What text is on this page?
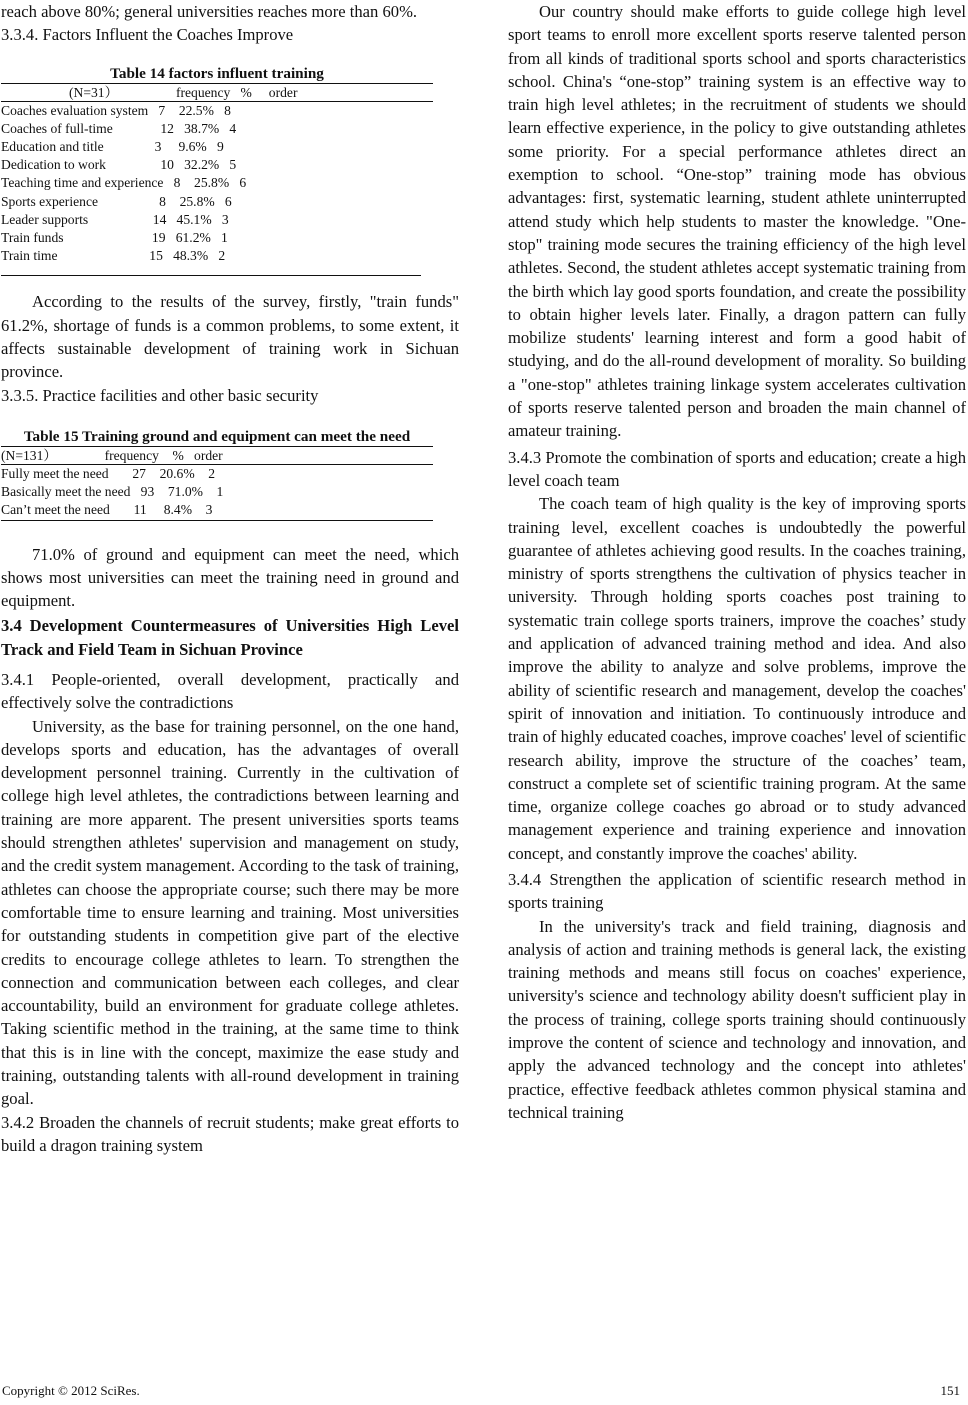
reach above 80%; general universities reaches more than 60%.

3.3.4. Factors Influent the Coaches Improve

Table 14 factors influent training
(N=31）                 frequency   %     order
Coaches evaluation system   7    22.5%   8
Coaches of full-time              12   38.7%   4
Education and title               3     9.6%   9
Dedication to work                10   32.2%   5
Teaching time and experience   8    25.8%   6
Sports experience                  8    25.8%   6
Leader supports                   14   45.1%   3
Train funds                          19   61.2%   1
Train time                           15   48.3%   2

According to the results of the survey, firstly, "train funds" 61.2%, shortage of funds is a common problems, to some extent, it affects sustainable development of training work in Sichuan province.

3.3.5. Practice facilities and other basic security

Table 15 Training ground and equipment can meet the need
(N=131）              frequency    %   order
Fully meet the need       27    20.6%    2
Basically meet the need   93    71.0%    1
Can’t meet the need       11     8.4%    3

71.0% of ground and equipment can meet the need, which shows most universities can meet the training need in ground and equipment.

3.4 Development Countermeasures of Universities High Level Track and Field Team in Sichuan Province

3.4.1 People-oriented, overall development, practically and effectively solve the contradictions

University, as the base for training personnel, on the one hand, develops sports and education, has the advantages of overall development personnel training. Currently in the cultivation of college high level athletes, the contradictions between learning and training are more apparent. The present universities sports teams should strengthen athletes' supervision and management on study, and the credit system management. According to the task of training, athletes can choose the appropriate course; such there may be more comfortable time to ensure learning and training. Most universities for outstanding students in competition give part of the elective credits to encourage college athletes to learn. To strengthen the connection and communication between each colleges, and clear accountability, build an environment for graduate college athletes. Taking scientific method in the training, at the same time to think that this is in line with the concept, maximize the ease study and training, outstanding talents with all-round development in training goal.

3.4.2 Broaden the channels of recruit students; make great efforts to build a dragon training system

Our country should make efforts to guide college high level sport teams to enroll more excellent sports reserve talented person from all kinds of traditional sports school and sports characteristics school. China's “one-stop” training system is an effective way to train high level athletes; in the recruitment of students we should learn effective experience, in the policy to give outstanding athletes some priority. For a special performance athletes direct an exemption to school. “One-stop” training mode has obvious advantages: first, systematic learning, student athlete uninterrupted attend study which help students to master the knowledge. "One-stop" training mode secures the training efficiency of the high level athletes. Second, the student athletes accept systematic training from the birth which lay good sports foundation, and create the possibility to obtain higher levels later. Finally, a dragon pattern can fully mobilize students' learning interest and form a good habit of studying, and do the all-round development of morality. So building a "one-stop" athletes training linkage system accelerates cultivation of sports reserve talented person and broaden the main channel of amateur training.

3.4.3 Promote the combination of sports and education; create a high level coach team

The coach team of high quality is the key of improving sports training level, excellent coaches is undoubtedly the powerful guarantee of athletes achieving good results. In the coaches training, ministry of sports strengthens the cultivation of physics teacher in university. Through holding sports coaches post training to systematic train college sports trainers, improve the coaches’ study and application of advanced training method and idea. And also improve the ability to analyze and solve problems, improve the ability of scientific research and management, develop the coaches' spirit of innovation and initiation. To continuously introduce and train of highly educated coaches, improve coaches' level of scientific research ability, improve the structure of the coaches’ team, construct a complete set of scientific training program. At the same time, organize college coaches go abroad or to study advanced management experience and training experience and innovation concept, and constantly improve the coaches' ability.

3.4.4 Strengthen the application of scientific research method in sports training

In the university's track and field training, diagnosis and analysis of action and training methods is general lack, the existing training methods and means still focus on coaches' experience, university's science and technology ability doesn't sufficient play in the process of training, college sports training should continuously improve the content of science and technology and innovation, and apply the advanced technology and the concept into athletes' practice, effective feedback athletes common physical stamina and technical training

Copyright © 2012 SciRes.	151
